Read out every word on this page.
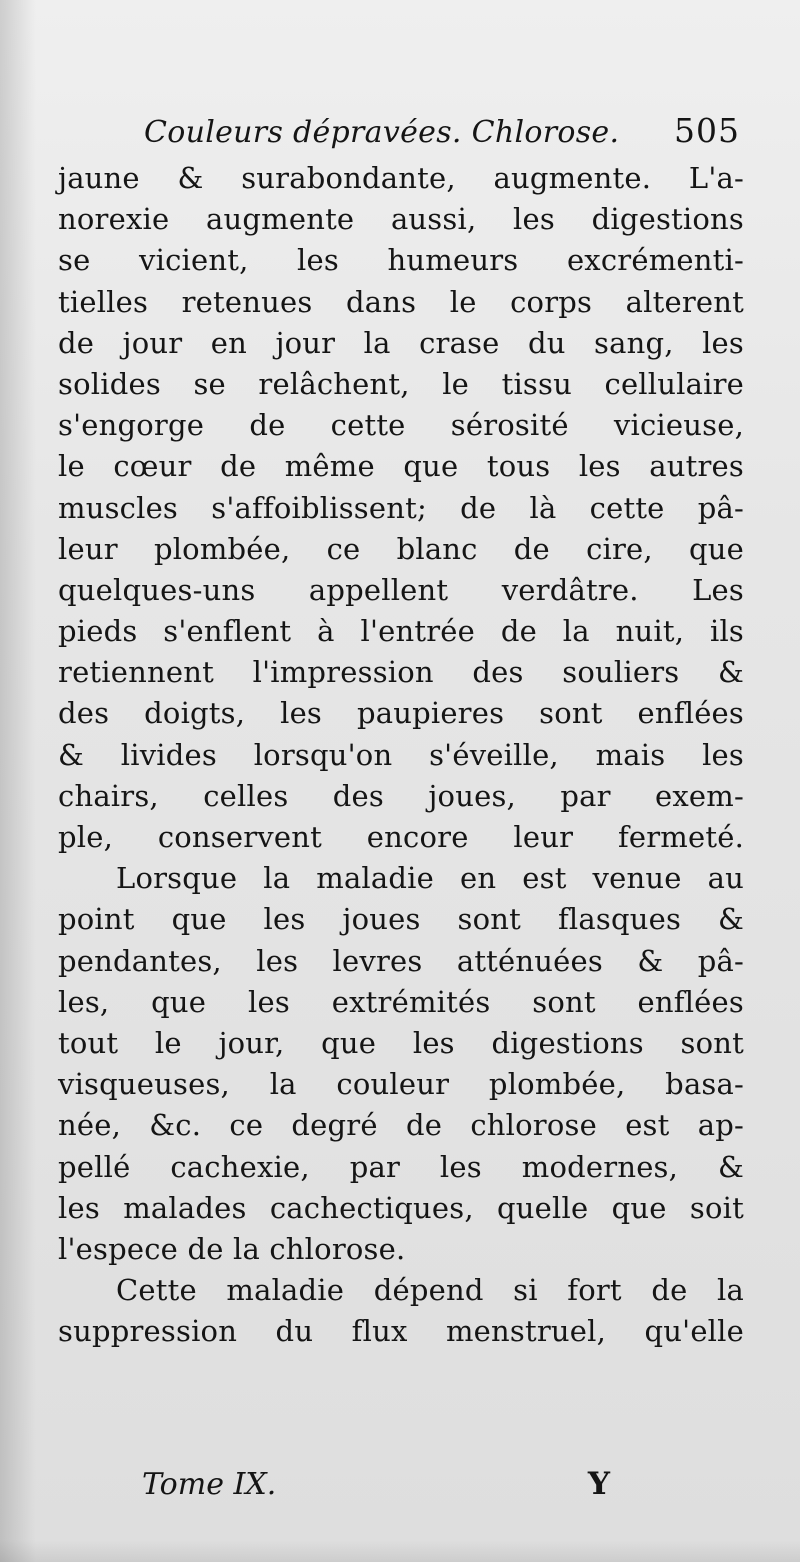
Couleurs dépravées. Chlorose. 505
jaune & surabondante, augmente. L'a-
norexie augmente aussi, les digestions
se vicient, les humeurs excrémenti-
tielles retenues dans le corps alterent
de jour en jour la crase du sang, les
solides se relâchent, le tissu cellulaire
s'engorge de cette sérosité vicieuse,
le cœur de même que tous les autres
muscles s'affoiblissent; de là cette pâ-
leur plombée, ce blanc de cire, que
quelques-uns appellent verdâtre. Les
pieds s'enflent à l'entrée de la nuit, ils
retiennent l'impression des souliers &
des doigts, les paupieres sont enflées
& livides lorsqu'on s'éveille, mais les
chairs, celles des joues, par exem-
ple, conservent encore leur fermeté.
Lorsque la maladie en est venue au
point que les joues sont flasques &
pendantes, les levres atténuées & pâ-
les, que les extrémités sont enflées
tout le jour, que les digestions sont
visqueuses, la couleur plombée, basa-
née, &c. ce degré de chlorose est ap-
pellé cachexie, par les modernes, &
les malades cachectiques, quelle que soit
l'espece de la chlorose.
Cette maladie dépend si fort de la
suppression du flux menstruel, qu'elle
Tome IX.	Y
